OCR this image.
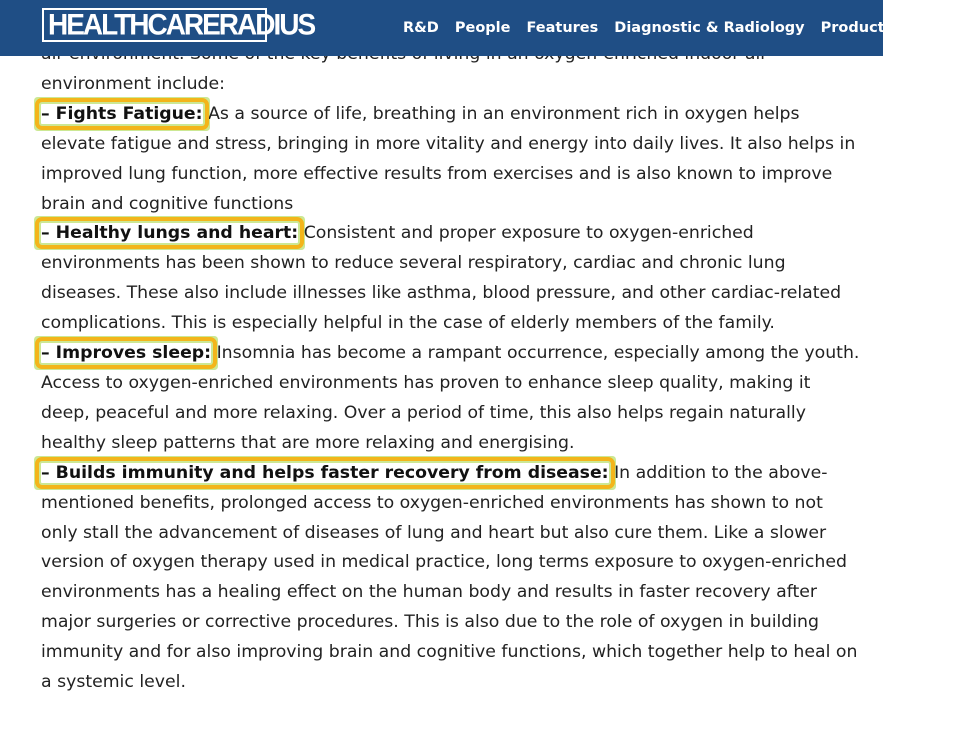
HEALTHCARERADIUS	R&D People Features Diagnostic & Radiology Products & Su

environment include:

– Fights Fatigue: As a source of life, breathing in an environment rich in oxygen helps elevate fatigue and stress, bringing in more vitality and energy into daily lives. It also helps in improved lung function, more effective results from exercises and is also known to improve brain and cognitive functions

– Healthy lungs and heart: Consistent and proper exposure to oxygen-enriched environments has been shown to reduce several respiratory, cardiac and chronic lung diseases. These also include illnesses like asthma, blood pressure, and other cardiac-related complications. This is especially helpful in the case of elderly members of the family.

– Improves sleep: Insomnia has become a rampant occurrence, especially among the youth. Access to oxygen-enriched environments has proven to enhance sleep quality, making it deep, peaceful and more relaxing. Over a period of time, this also helps regain naturally healthy sleep patterns that are more relaxing and energising.

– Builds immunity and helps faster recovery from disease: In addition to the above-mentioned benefits, prolonged access to oxygen-enriched environments has shown to not only stall the advancement of diseases of lung and heart but also cure them. Like a slower version of oxygen therapy used in medical practice, long terms exposure to oxygen-enriched environments has a healing effect on the human body and results in faster recovery after major surgeries or corrective procedures. This is also due to the role of oxygen in building immunity and for also improving brain and cognitive functions, which together help to heal on a systemic level.
